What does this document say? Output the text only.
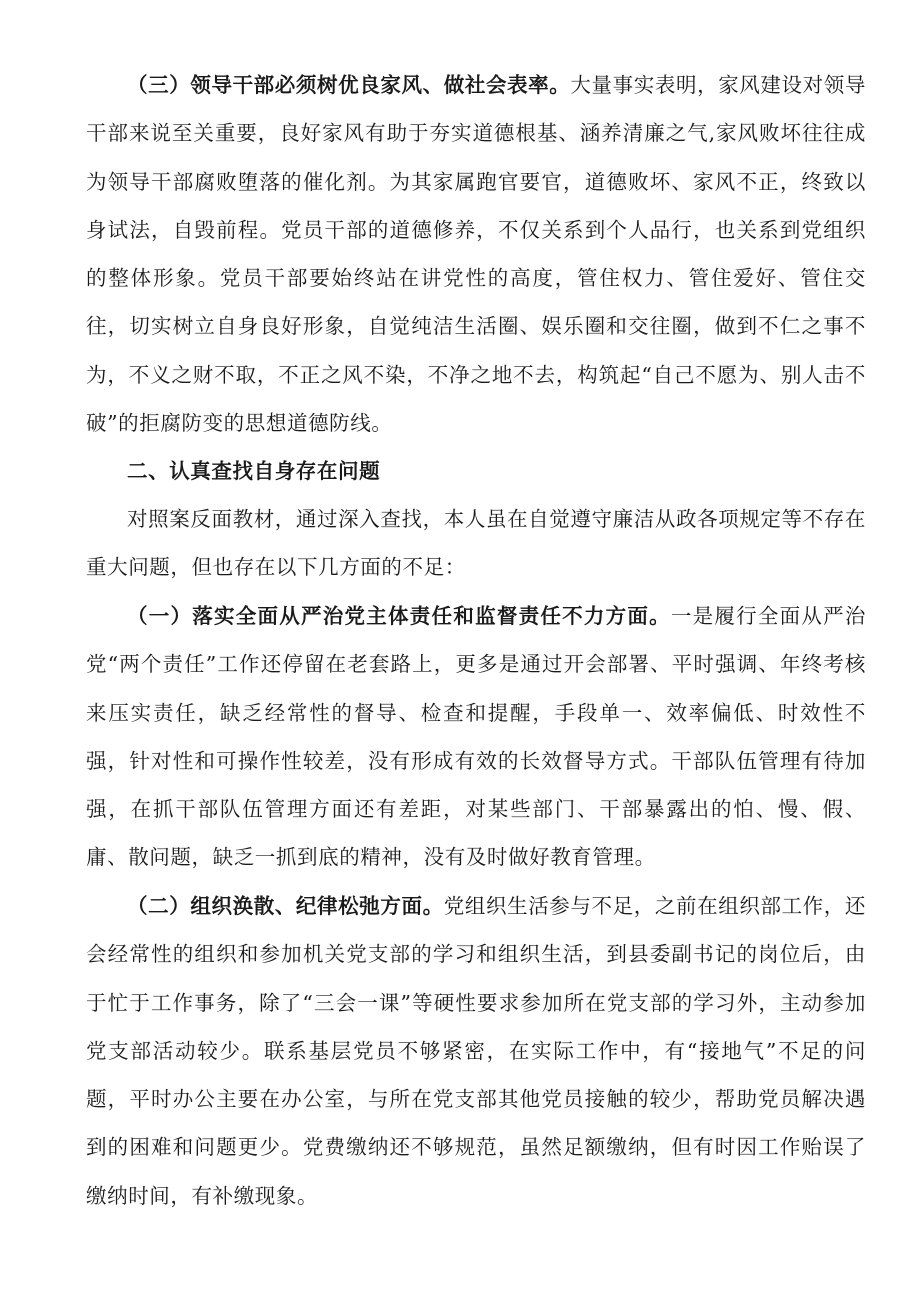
（三）领导干部必须树优良家风、做社会表率。大量事实表明，家风建设对领导干部来说至关重要，良好家风有助于夯实道德根基、涵养清廉之气,家风败坏往往成为领导干部腐败堕落的催化剂。为其家属跑官要官，道德败坏、家风不正，终致以身试法，自毁前程。党员干部的道德修养，不仅关系到个人品行，也关系到党组织的整体形象。党员干部要始终站在讲党性的高度，管住权力、管住爱好、管住交往，切实树立自身良好形象，自觉纯洁生活圈、娱乐圈和交往圈，做到不仁之事不为，不义之财不取，不正之风不染，不净之地不去，构筑起“自己不愿为、别人击不破”的拒腐防变的思想道德防线。

二、认真查找自身存在问题

对照案反面教材，通过深入查找，本人虽在自觉遵守廉洁从政各项规定等不存在重大问题，但也存在以下几方面的不足：

（一）落实全面从严治党主体责任和监督责任不力方面。一是履行全面从严治党“两个责任”工作还停留在老套路上，更多是通过开会部署、平时强调、年终考核来压实责任，缺乏经常性的督导、检查和提醒，手段单一、效率偏低、时效性不强，针对性和可操作性较差，没有形成有效的长效督导方式。干部队伍管理有待加强，在抓干部队伍管理方面还有差距，对某些部门、干部暴露出的怕、慢、假、庸、散问题，缺乏一抓到底的精神，没有及时做好教育管理。

（二）组织涣散、纪律松弛方面。党组织生活参与不足，之前在组织部工作，还会经常性的组织和参加机关党支部的学习和组织生活，到县委副书记的岗位后，由于忙于工作事务，除了“三会一课”等硬性要求参加所在党支部的学习外，主动参加党支部活动较少。联系基层党员不够紧密，在实际工作中，有“接地气”不足的问题，平时办公主要在办公室，与所在党支部其他党员接触的较少，帮助党员解决遇到的困难和问题更少。党费缴纳还不够规范，虽然足额缴纳，但有时因工作贻误了缴纳时间，有补缴现象。
